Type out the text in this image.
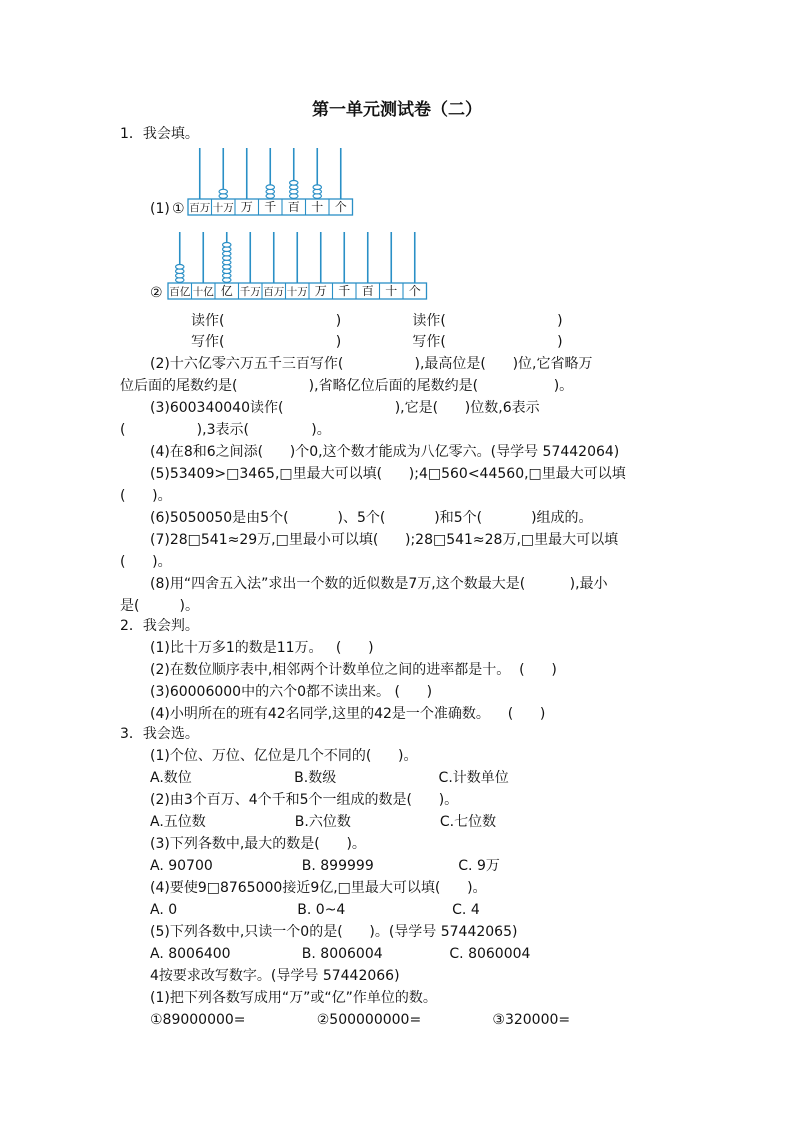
第一单元测试卷（二）
1．我会填。
(1) ① 百万 十万 万 千 百 十 个
② 百亿 十亿 亿 千万 百万 十万 万 千 百 十 个
读作(                         )                读作(                         )
写作(                         )                写作(                         )
(2)十六亿零六万五千三百写作(                ),最高位是(      )位,它省略万
位后面的尾数约是(                ),省略亿位后面的尾数约是(                 )。
(3)600340040读作(                         ),它是(      )位数,6表示
(                ),3表示(              )。
(4)在8和6之间添(      )个0,这个数才能成为八亿零六。(导学号 57442064)
(5)53409>□3465,□里最大可以填(      );4□560<44560,□里最大可以填
(      )。
(6)5050050是由5个(           )、5个(           )和5个(           )组成的。
(7)28□541≈29万,□里最小可以填(      );28□541≈28万,□里最大可以填
(      )。
(8)用“四舍五入法”求出一个数的近似数是7万,这个数最大是(          ),最小
是(         )。
2．我会判。
(1)比十万多1的数是11万。   (      )
(2)在数位顺序表中,相邻两个计数单位之间的进率都是十。  (      )
(3)60006000中的六个0都不读出来。 (      )
(4)小明所在的班有42名同学,这里的42是一个准确数。    (      )
3．我会选。
(1)个位、万位、亿位是几个不同的(      )。
A.数位                       B.数级                       C.计数单位
(2)由3个百万、4个千和5个一组成的数是(      )。
A.五位数                    B.六位数                    C.七位数
(3)下列各数中,最大的数是(      )。
A. 90700                    B. 899999                   C. 9万
(4)要使9□8765000接近9亿,□里最大可以填(      )。
A. 0                           B. 0~4                        C. 4
(5)下列各数中,只读一个0的是(      )。(导学号 57442065)
A. 8006400                B. 8006004               C. 8060004
4按要求改写数字。(导学号 57442066)
(1)把下列各数写成用“万”或“亿”作单位的数。
①89000000=                ②500000000=                ③320000=
